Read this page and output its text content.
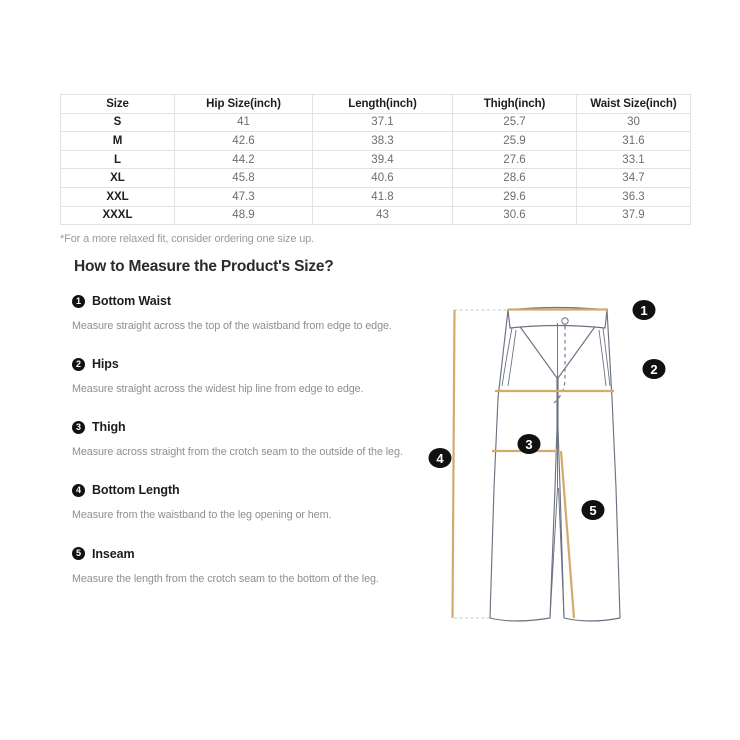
Size	Hip Size(inch)	Length(inch)	Thigh(inch)	Waist Size(inch)
S	41	37.1	25.7	30
M	42.6	38.3	25.9	31.6
L	44.2	39.4	27.6	33.1
XL	45.8	40.6	28.6	34.7
XXL	47.3	41.8	29.6	36.3
XXXL	48.9	43	30.6	37.9
*For a more relaxed fit, consider ordering one size up.
How to Measure the Product's Size?
1 Bottom Waist
Measure straight across the top of the waistband from edge to edge.
2 Hips
Measure straight across the widest hip line from edge to edge.
3 Thigh
Measure across straight from the crotch seam to the outside of the leg.
4 Bottom Length
Measure from the waistband to the leg opening or hem.
5 Inseam
Measure the length from the crotch seam to the bottom of the leg.
1
2
3
4
5
